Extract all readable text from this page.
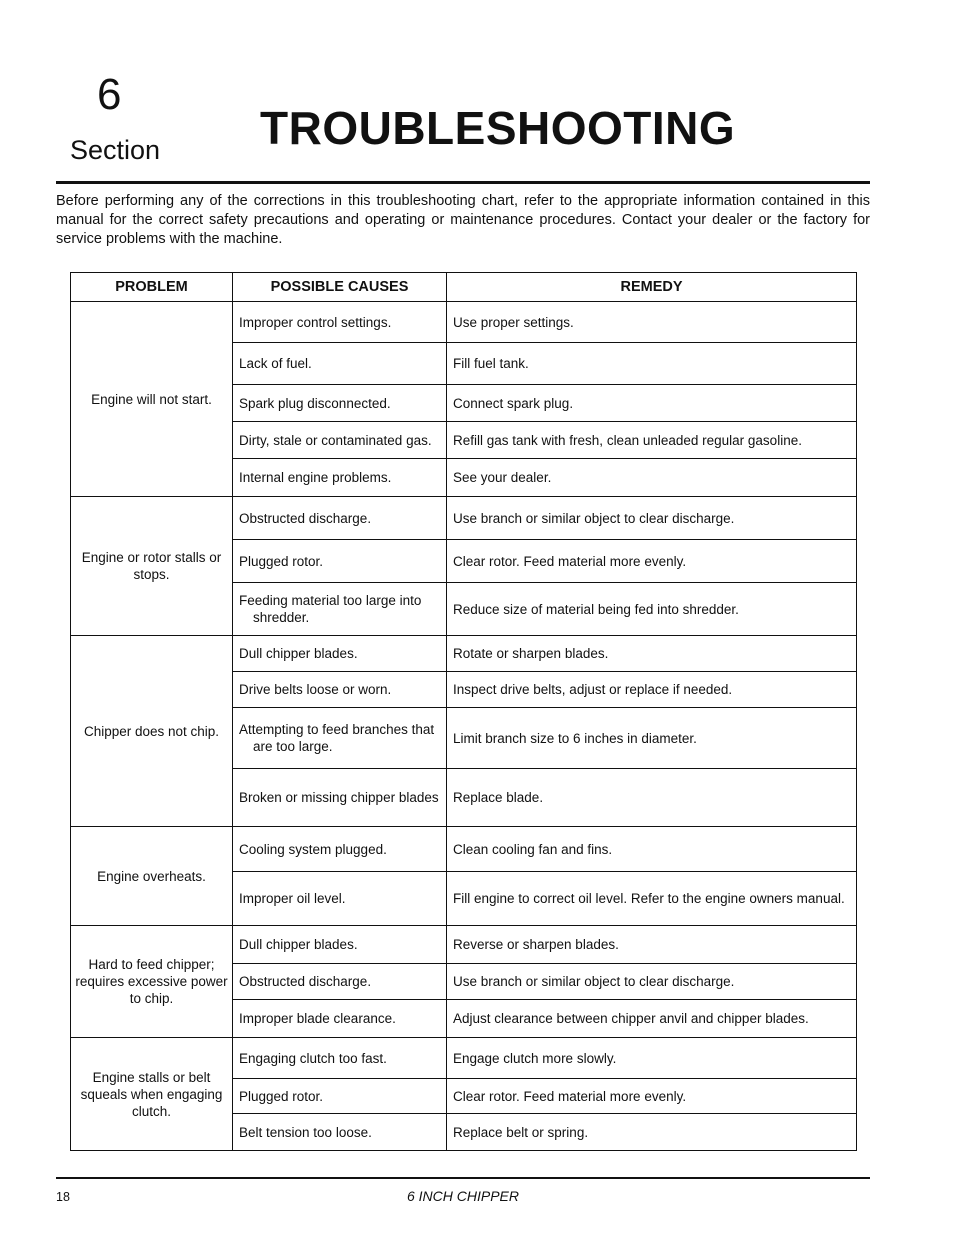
6
Section TROUBLESHOOTING

Before performing any of the corrections in this troubleshooting chart, refer to the appropriate information contained in this manual for the correct safety precautions and operating or maintenance procedures. Contact your dealer or the factory for service problems with the machine.

PROBLEM	POSSIBLE CAUSES	REMEDY
Engine will not start.	Improper control settings.	Use proper settings.

	Lack of fuel.	Fill fuel tank.

	Spark plug disconnected.	Connect spark plug.

	Dirty, stale or contaminated gas.	Refill gas tank with fresh, clean unleaded regular gasoline.

	Internal engine problems.	See your dealer.

Engine or rotor stalls or stops.	Obstructed discharge.	Use branch or similar object to clear discharge.

	Plugged rotor.	Clear rotor. Feed material more evenly.

	Feeding material too large into shredder.	Reduce size of material being fed into shredder.

Chipper does not chip.	Dull chipper blades.	Rotate or sharpen blades.

	Drive belts loose or worn.	Inspect drive belts, adjust or replace if needed.

	Attempting to feed branches that are too large.	Limit branch size to 6 inches in diameter.

	Broken or missing chipper blades	Replace blade.

Engine overheats.	Cooling system plugged.	Clean cooling fan and fins.

	Improper oil level.	Fill engine to correct oil level. Refer to the engine owners manual.

Hard to feed chipper; requires excessive power to chip.	Dull chipper blades.	Reverse or sharpen blades.

	Obstructed discharge.	Use branch or similar object to clear discharge.

	Improper blade clearance.	Adjust clearance between chipper anvil and chipper blades.

Engine stalls or belt squeals when engaging clutch.	Engaging clutch too fast.	Engage clutch more slowly.

	Plugged rotor.	Clear rotor. Feed material more evenly.

	Belt tension too loose.	Replace belt or spring.
18	6 INCH CHIPPER
